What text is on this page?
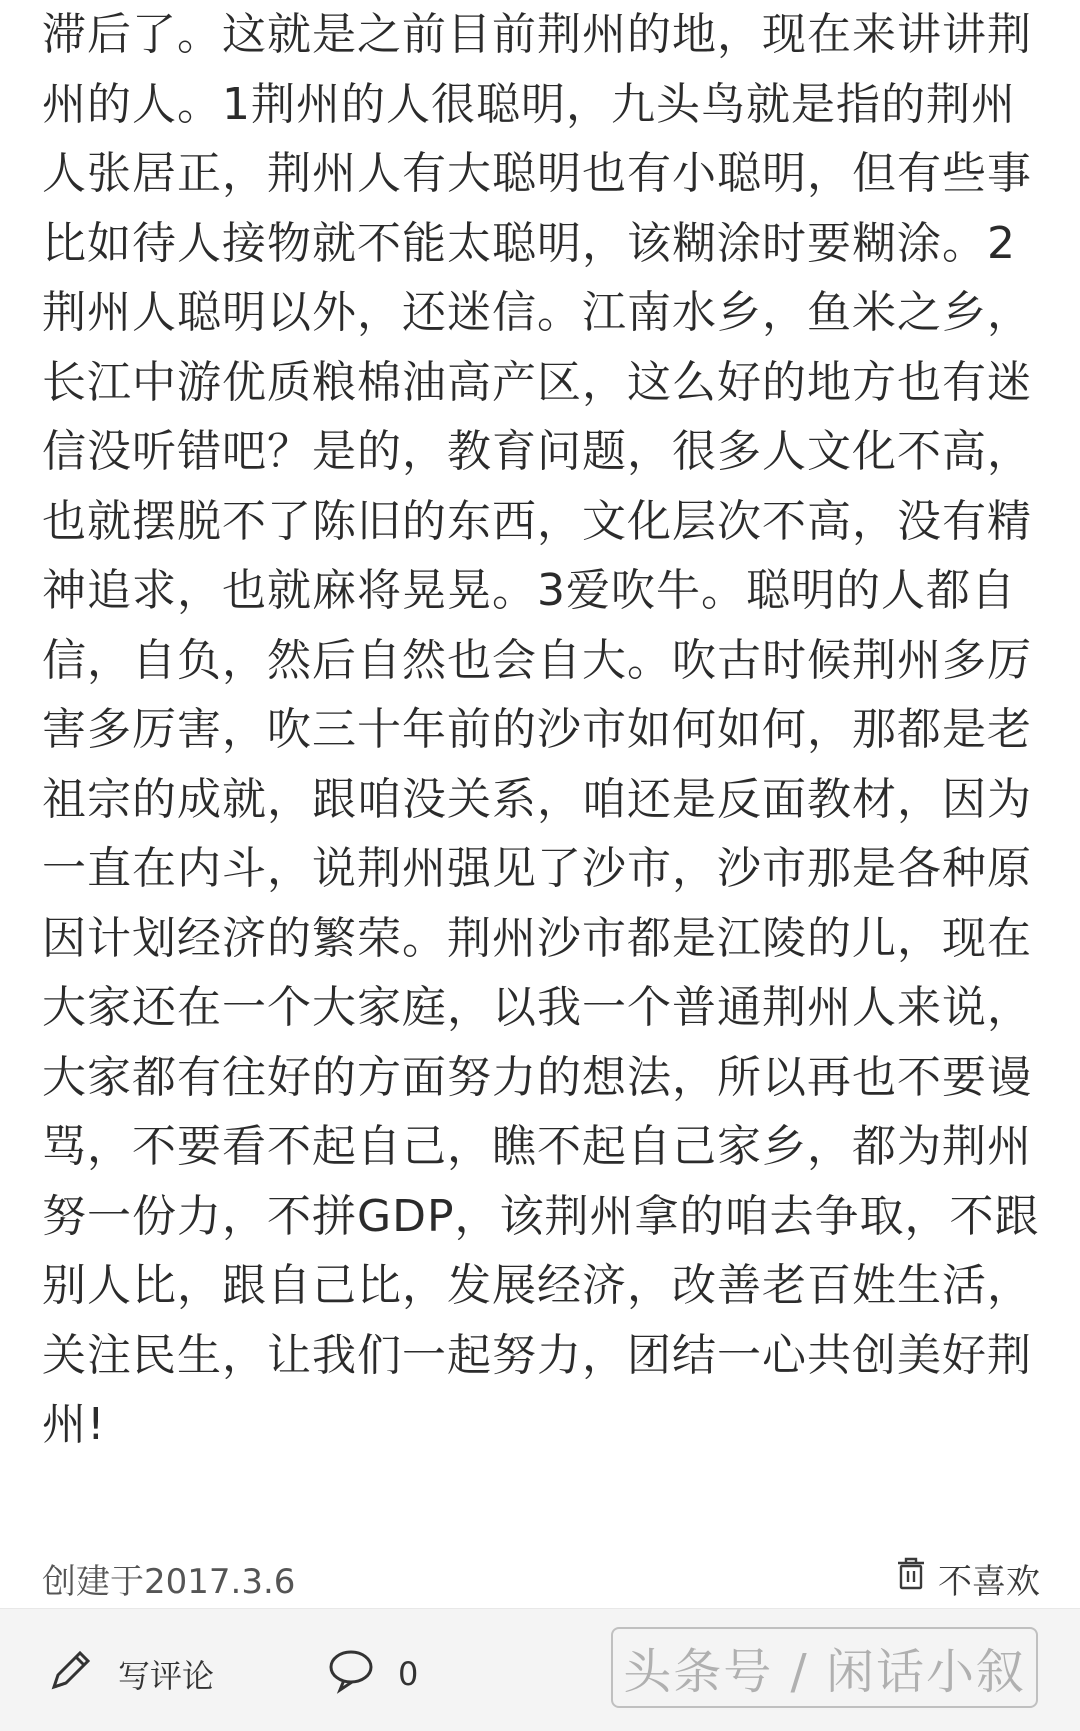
滞后了。这就是之前目前荆州的地，现在来讲讲荆州的人。1荆州的人很聪明，九头鸟就是指的荆州人张居正，荆州人有大聪明也有小聪明，但有些事比如待人接物就不能太聪明，该糊涂时要糊涂。2荆州人聪明以外，还迷信。江南水乡，鱼米之乡，长江中游优质粮棉油高产区，这么好的地方也有迷信没听错吧？是的，教育问题，很多人文化不高，也就摆脱不了陈旧的东西，文化层次不高，没有精神追求，也就麻将晃晃。3爱吹牛。聪明的人都自信，自负，然后自然也会自大。吹古时候荆州多厉害多厉害，吹三十年前的沙市如何如何，那都是老祖宗的成就，跟咱没关系，咱还是反面教材，因为一直在内斗，说荆州强见了沙市，沙市那是各种原因计划经济的繁荣。荆州沙市都是江陵的儿，现在大家还在一个大家庭，以我一个普通荆州人来说，大家都有往好的方面努力的想法，所以再也不要谩骂，不要看不起自己，瞧不起自己家乡，都为荆州努一份力，不拼GDP，该荆州拿的咱去争取，不跟别人比，跟自己比，发展经济，改善老百姓生活，关注民生，让我们一起努力，团结一心共创美好荆州!
创建于2017.3.6	不喜欢
写评论	0	头条号 / 闲话小叙
